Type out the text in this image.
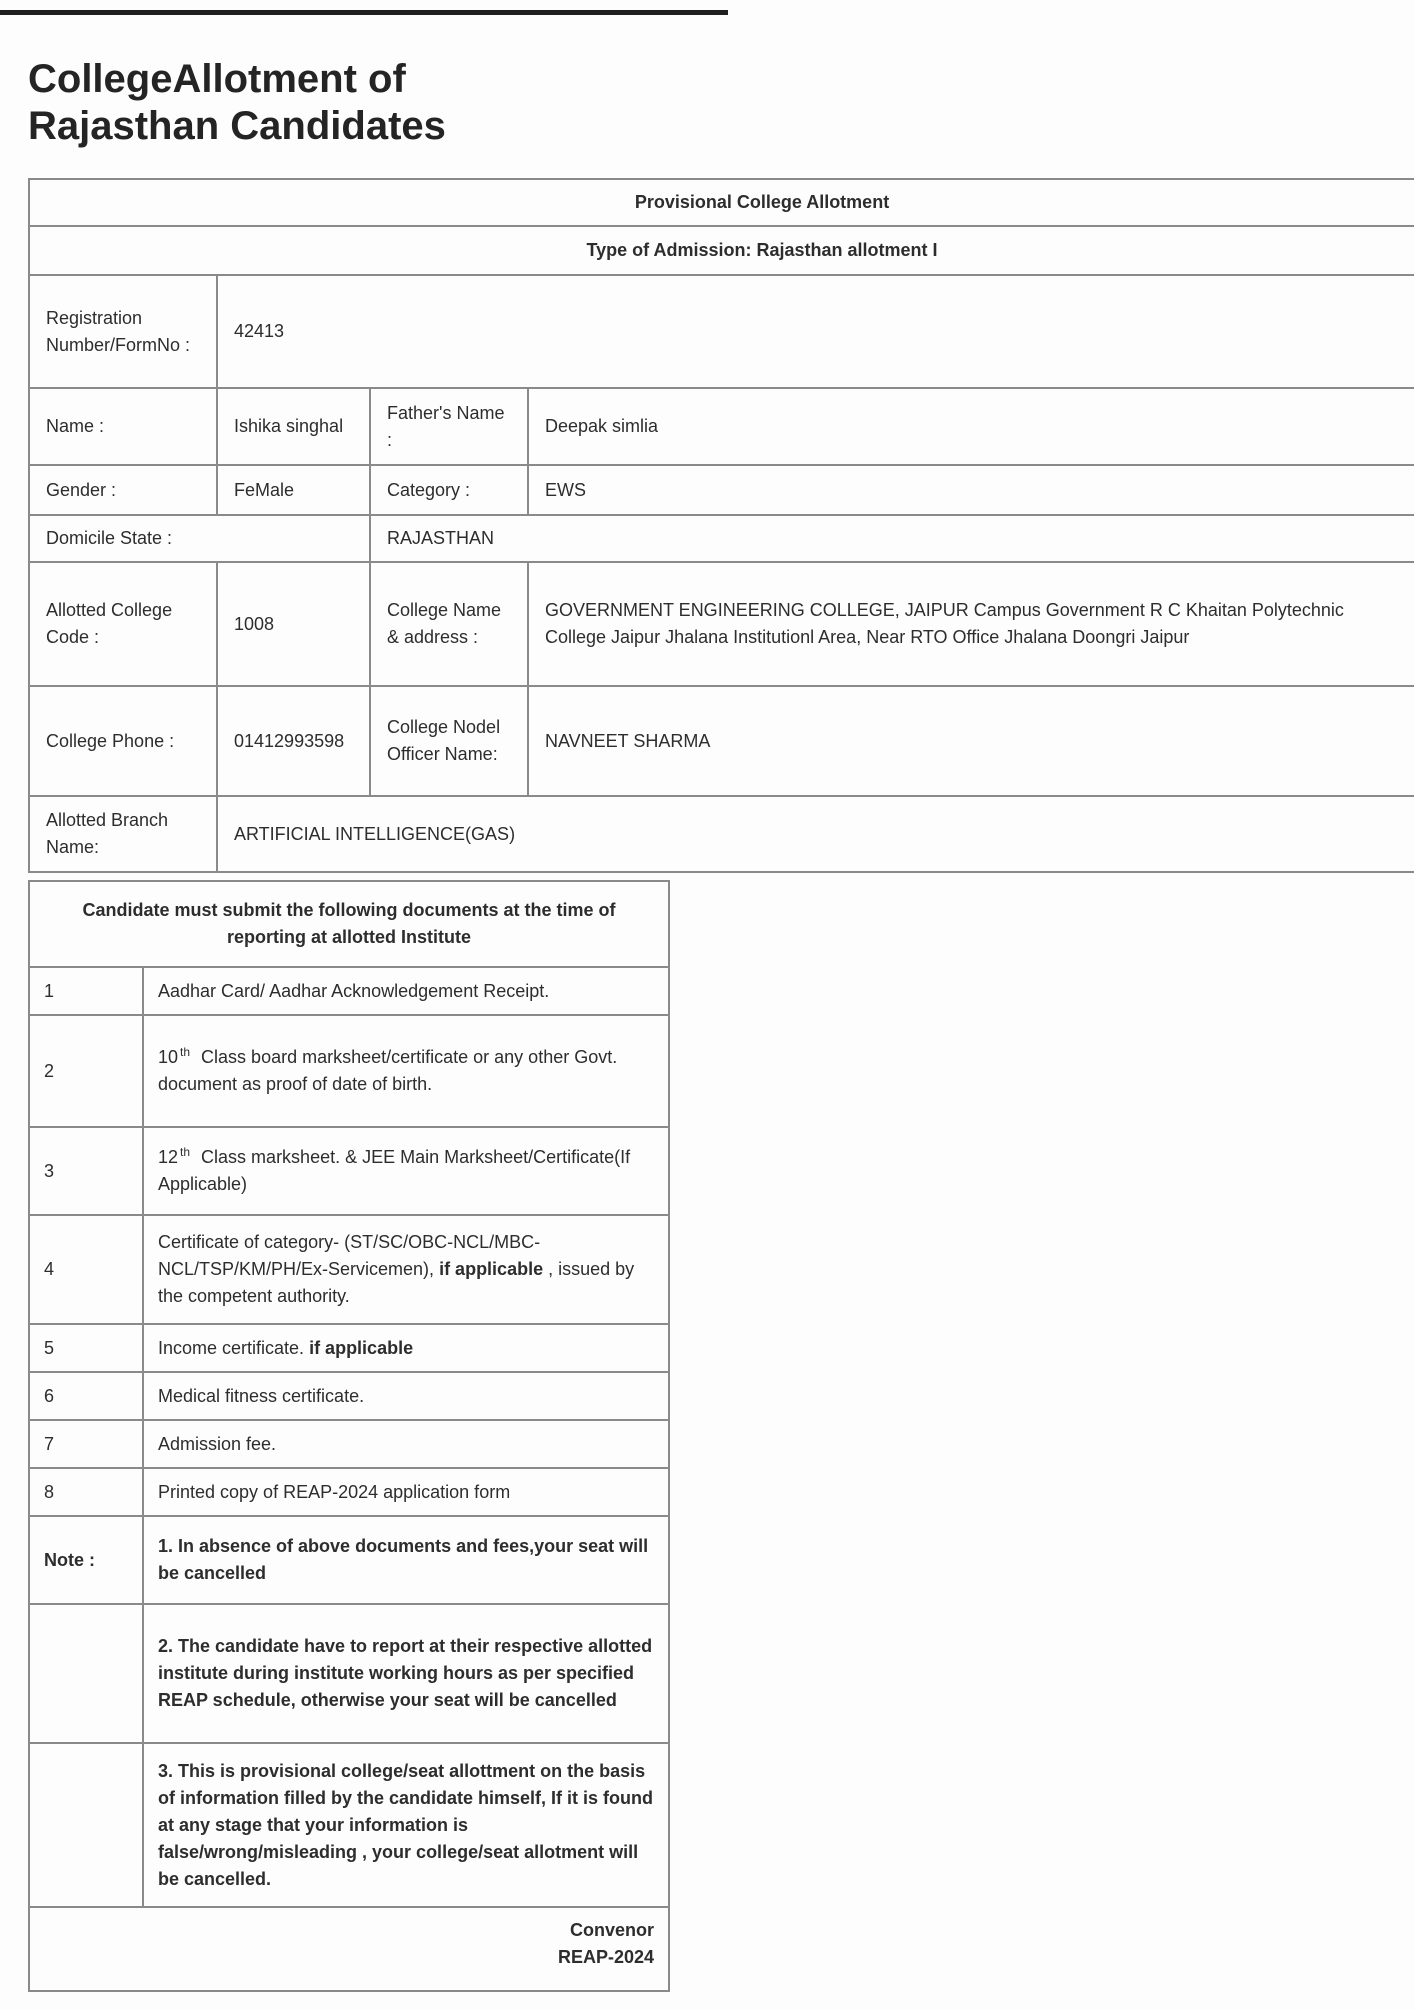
CollegeAllotment of
Rajasthan Candidates
Provisional College Allotment			
Type of Admission: Rajasthan allotment I			
Registration Number/FormNo :	42413		
Name :	Ishika singhal	Father's Name :	Deepak simlia
Gender :	FeMale	Category :	EWS
Domicile State :		RAJASTHAN	
Allotted College Code :	1008	College Name & address :	GOVERNMENT ENGINEERING COLLEGE, JAIPUR Campus Government R C Khaitan Polytechnic College Jaipur Jhalana Institutionl Area, Near RTO Office Jhalana Doongri Jaipur
College Phone :	01412993598	College Nodel Officer Name:	NAVNEET SHARMA
Allotted Branch Name:	ARTIFICIAL INTELLIGENCE(GAS)		
Candidate must submit the following documents at the time of reporting at allotted Institute	
1	Aadhar Card/ Aadhar Acknowledgement Receipt.
2	10 $^{th}$ Class board marksheet/certificate or any other Govt. document as proof of date of birth.
3	12 $^{th}$ Class marksheet. & JEE Main Marksheet/Certificate(If Applicable)
4	Certificate of category- (ST/SC/OBC-NCL/MBC-NCL/TSP/KM/PH/Ex-Servicemen), if applicable , issued by the competent authority.
5	Income certificate. if applicable
6	Medical fitness certificate.
7	Admission fee.
8	Printed copy of REAP-2024 application form
Note :	1. In absence of above documents and fees,your seat will be cancelled
	2. The candidate have to report at their respective allotted institute during institute working hours as per specified REAP schedule, otherwise your seat will be cancelled
	3. This is provisional college/seat allottment on the basis of information filled by the candidate himself, If it is found at any stage that your information is false/wrong/misleading , your college/seat allotment will be cancelled.

Convenor
REAP-2024	
